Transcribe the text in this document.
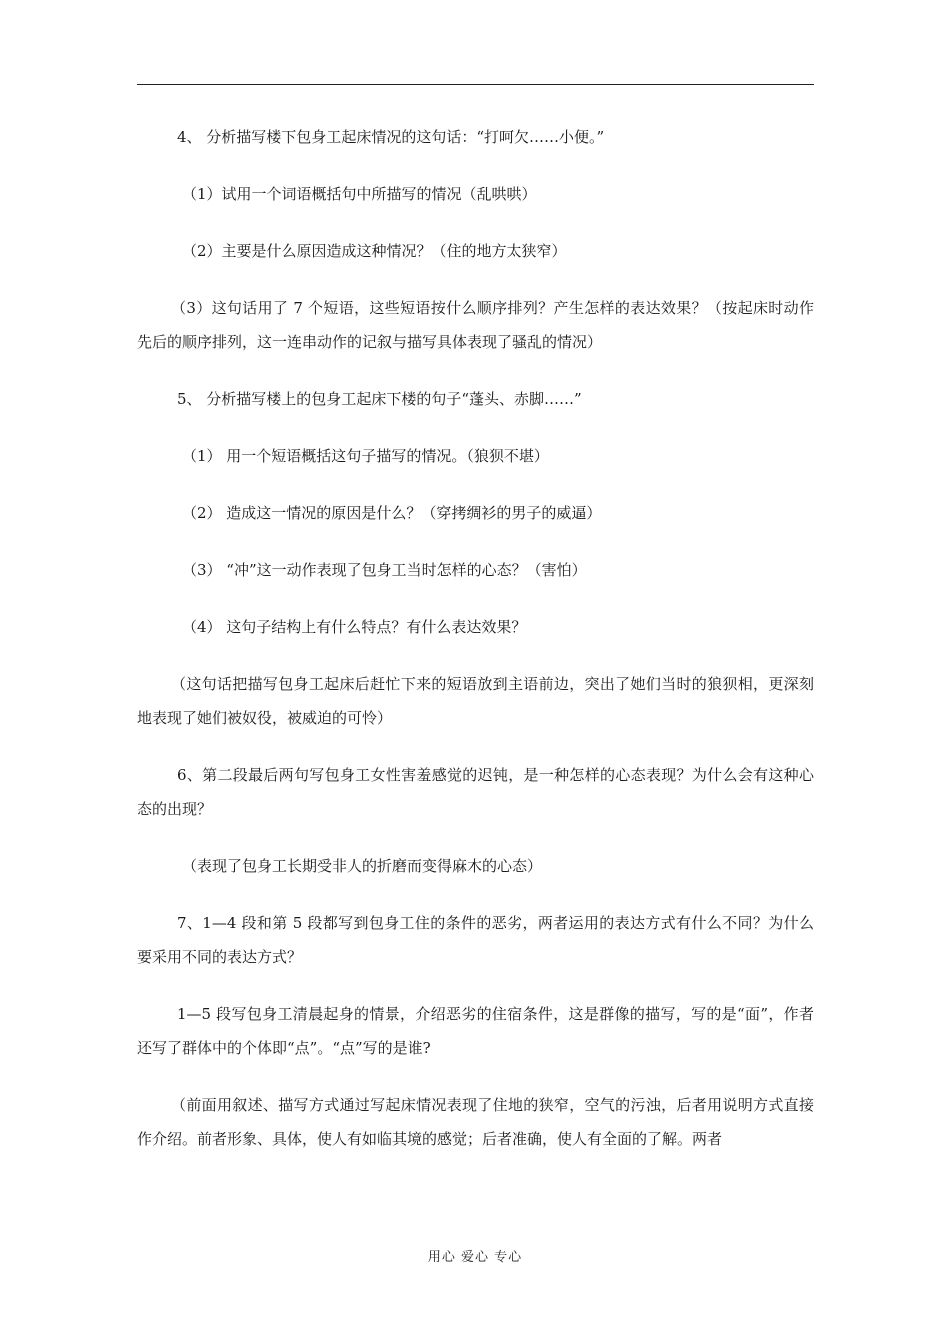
4、 分析描写楼下包身工起床情况的这句话：“打呵欠……小便。”

（1）试用一个词语概括句中所描写的情况（乱哄哄）

（2）主要是什么原因造成这种情况？（住的地方太狭窄）

（3）这句话用了 7 个短语，这些短语按什么顺序排列？产生怎样的表达效果？（按起床时动作先后的顺序排列，这一连串动作的记叙与描写具体表现了骚乱的情况）

5、 分析描写楼上的包身工起床下楼的句子“蓬头、赤脚……”

（1） 用一个短语概括这句子描写的情况。（狼狈不堪）

（2） 造成这一情况的原因是什么？（穿拷绸衫的男子的威逼）

（3） “冲”这一动作表现了包身工当时怎样的心态？（害怕）

（4） 这句子结构上有什么特点？有什么表达效果？

（这句话把描写包身工起床后赶忙下来的短语放到主语前边，突出了她们当时的狼狈相，更深刻地表现了她们被奴役，被威迫的可怜）

6、第二段最后两句写包身工女性害羞感觉的迟钝，是一种怎样的心态表现？为什么会有这种心态的出现？

（表现了包身工长期受非人的折磨而变得麻木的心态）

7、1—4 段和第 5 段都写到包身工住的条件的恶劣，两者运用的表达方式有什么不同？为什么要采用不同的表达方式？

1—5 段写包身工清晨起身的情景，介绍恶劣的住宿条件，这是群像的描写，写的是“面”，作者还写了群体中的个体即“点”。“点”写的是谁?

（前面用叙述、描写方式通过写起床情况表现了住地的狭窄，空气的污浊，后者用说明方式直接作介绍。前者形象、具体，使人有如临其境的感觉；后者准确，使人有全面的了解。两者

用心 爱心 专心
